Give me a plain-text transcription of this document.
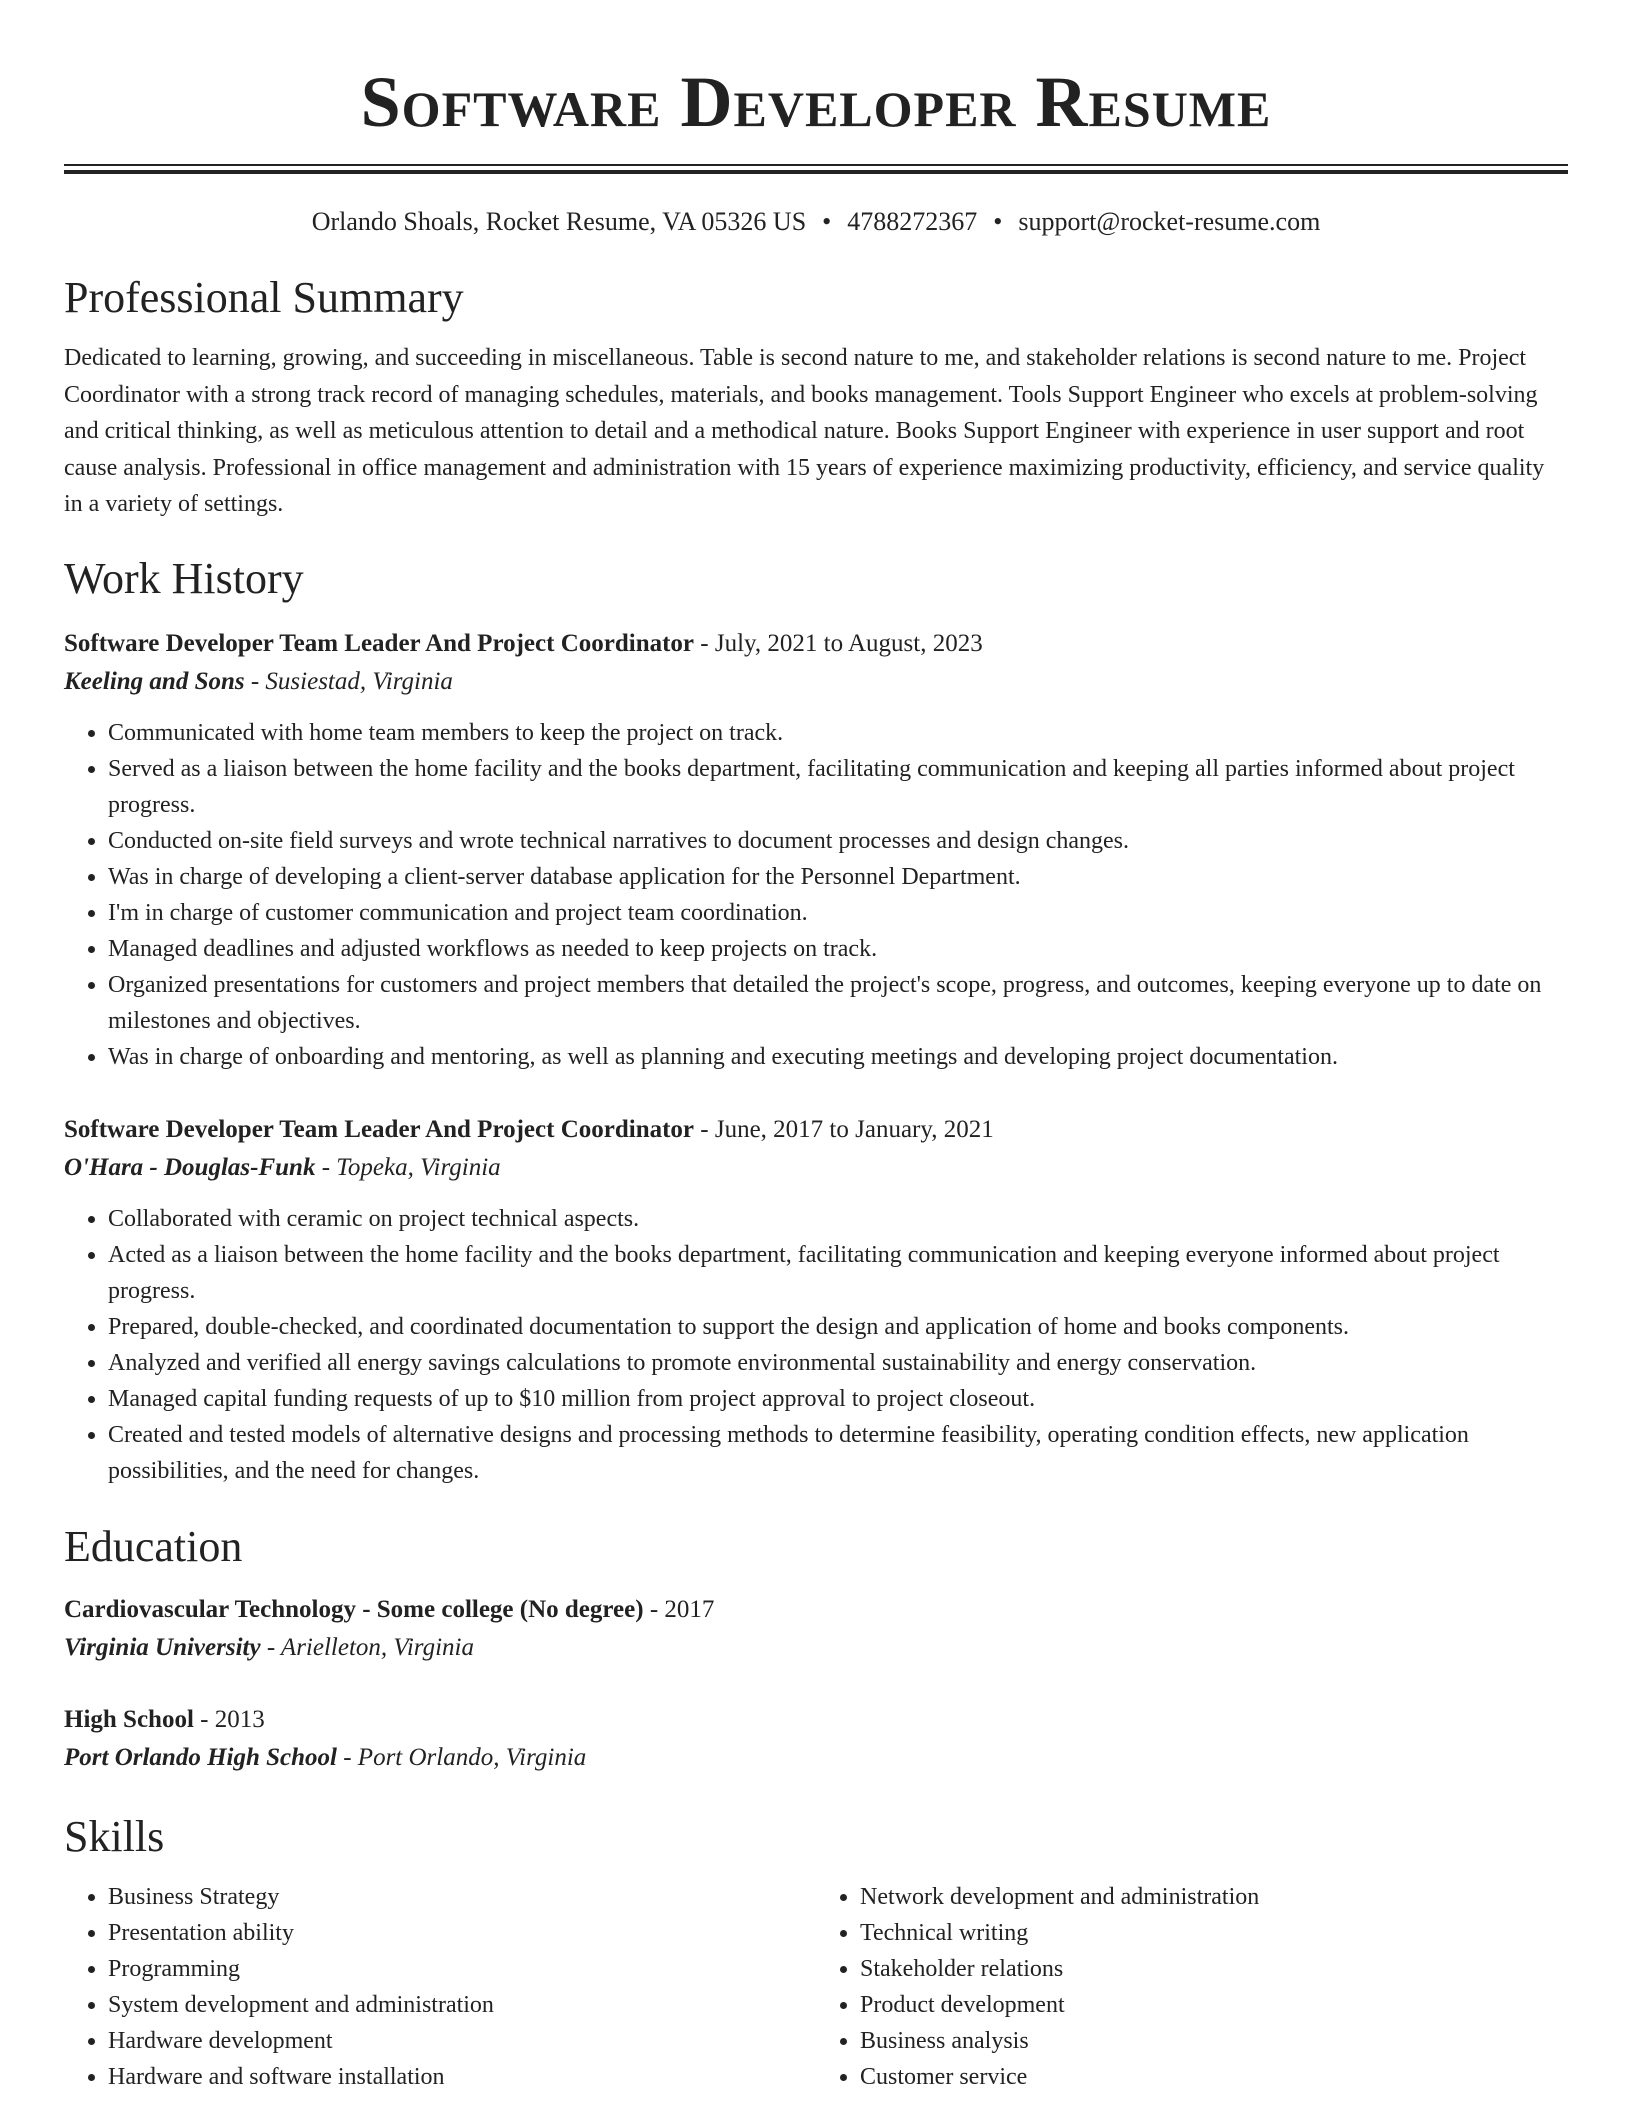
Software Developer Resume
Orlando Shoals, Rocket Resume, VA 05326 US • 4788272367 • support@rocket-resume.com
Professional Summary

Dedicated to learning, growing, and succeeding in miscellaneous. Table is second nature to me, and stakeholder relations is second nature to me. Project Coordinator with a strong track record of managing schedules, materials, and books management. Tools Support Engineer who excels at problem-solving and critical thinking, as well as meticulous attention to detail and a methodical nature. Books Support Engineer with experience in user support and root cause analysis. Professional in office management and administration with 15 years of experience maximizing productivity, efficiency, and service quality in a variety of settings.

Work History
Software Developer Team Leader And Project Coordinator - July, 2021 to August, 2023
Keeling and Sons - Susiestad, Virginia
• Communicated with home team members to keep the project on track.
• Served as a liaison between the home facility and the books department, facilitating communication and keeping all parties informed about project progress.
• Conducted on-site field surveys and wrote technical narratives to document processes and design changes.
• Was in charge of developing a client-server database application for the Personnel Department.
• I'm in charge of customer communication and project team coordination.
• Managed deadlines and adjusted workflows as needed to keep projects on track.
• Organized presentations for customers and project members that detailed the project's scope, progress, and outcomes, keeping everyone up to date on milestones and objectives.
• Was in charge of onboarding and mentoring, as well as planning and executing meetings and developing project documentation.
Software Developer Team Leader And Project Coordinator - June, 2017 to January, 2021
O'Hara - Douglas-Funk - Topeka, Virginia
• Collaborated with ceramic on project technical aspects.
• Acted as a liaison between the home facility and the books department, facilitating communication and keeping everyone informed about project progress.
• Prepared, double-checked, and coordinated documentation to support the design and application of home and books components.
• Analyzed and verified all energy savings calculations to promote environmental sustainability and energy conservation.
• Managed capital funding requests of up to $10 million from project approval to project closeout.
• Created and tested models of alternative designs and processing methods to determine feasibility, operating condition effects, new application possibilities, and the need for changes.
Education
Cardiovascular Technology - Some college (No degree) - 2017
Virginia University - Arielleton, Virginia
High School - 2013
Port Orlando High School - Port Orlando, Virginia
Skills
• Business Strategy
• Presentation ability
• Programming
• System development and administration
• Hardware development
• Hardware and software installation
• Network development and administration
• Technical writing
• Stakeholder relations
• Product development
• Business analysis
• Customer service
